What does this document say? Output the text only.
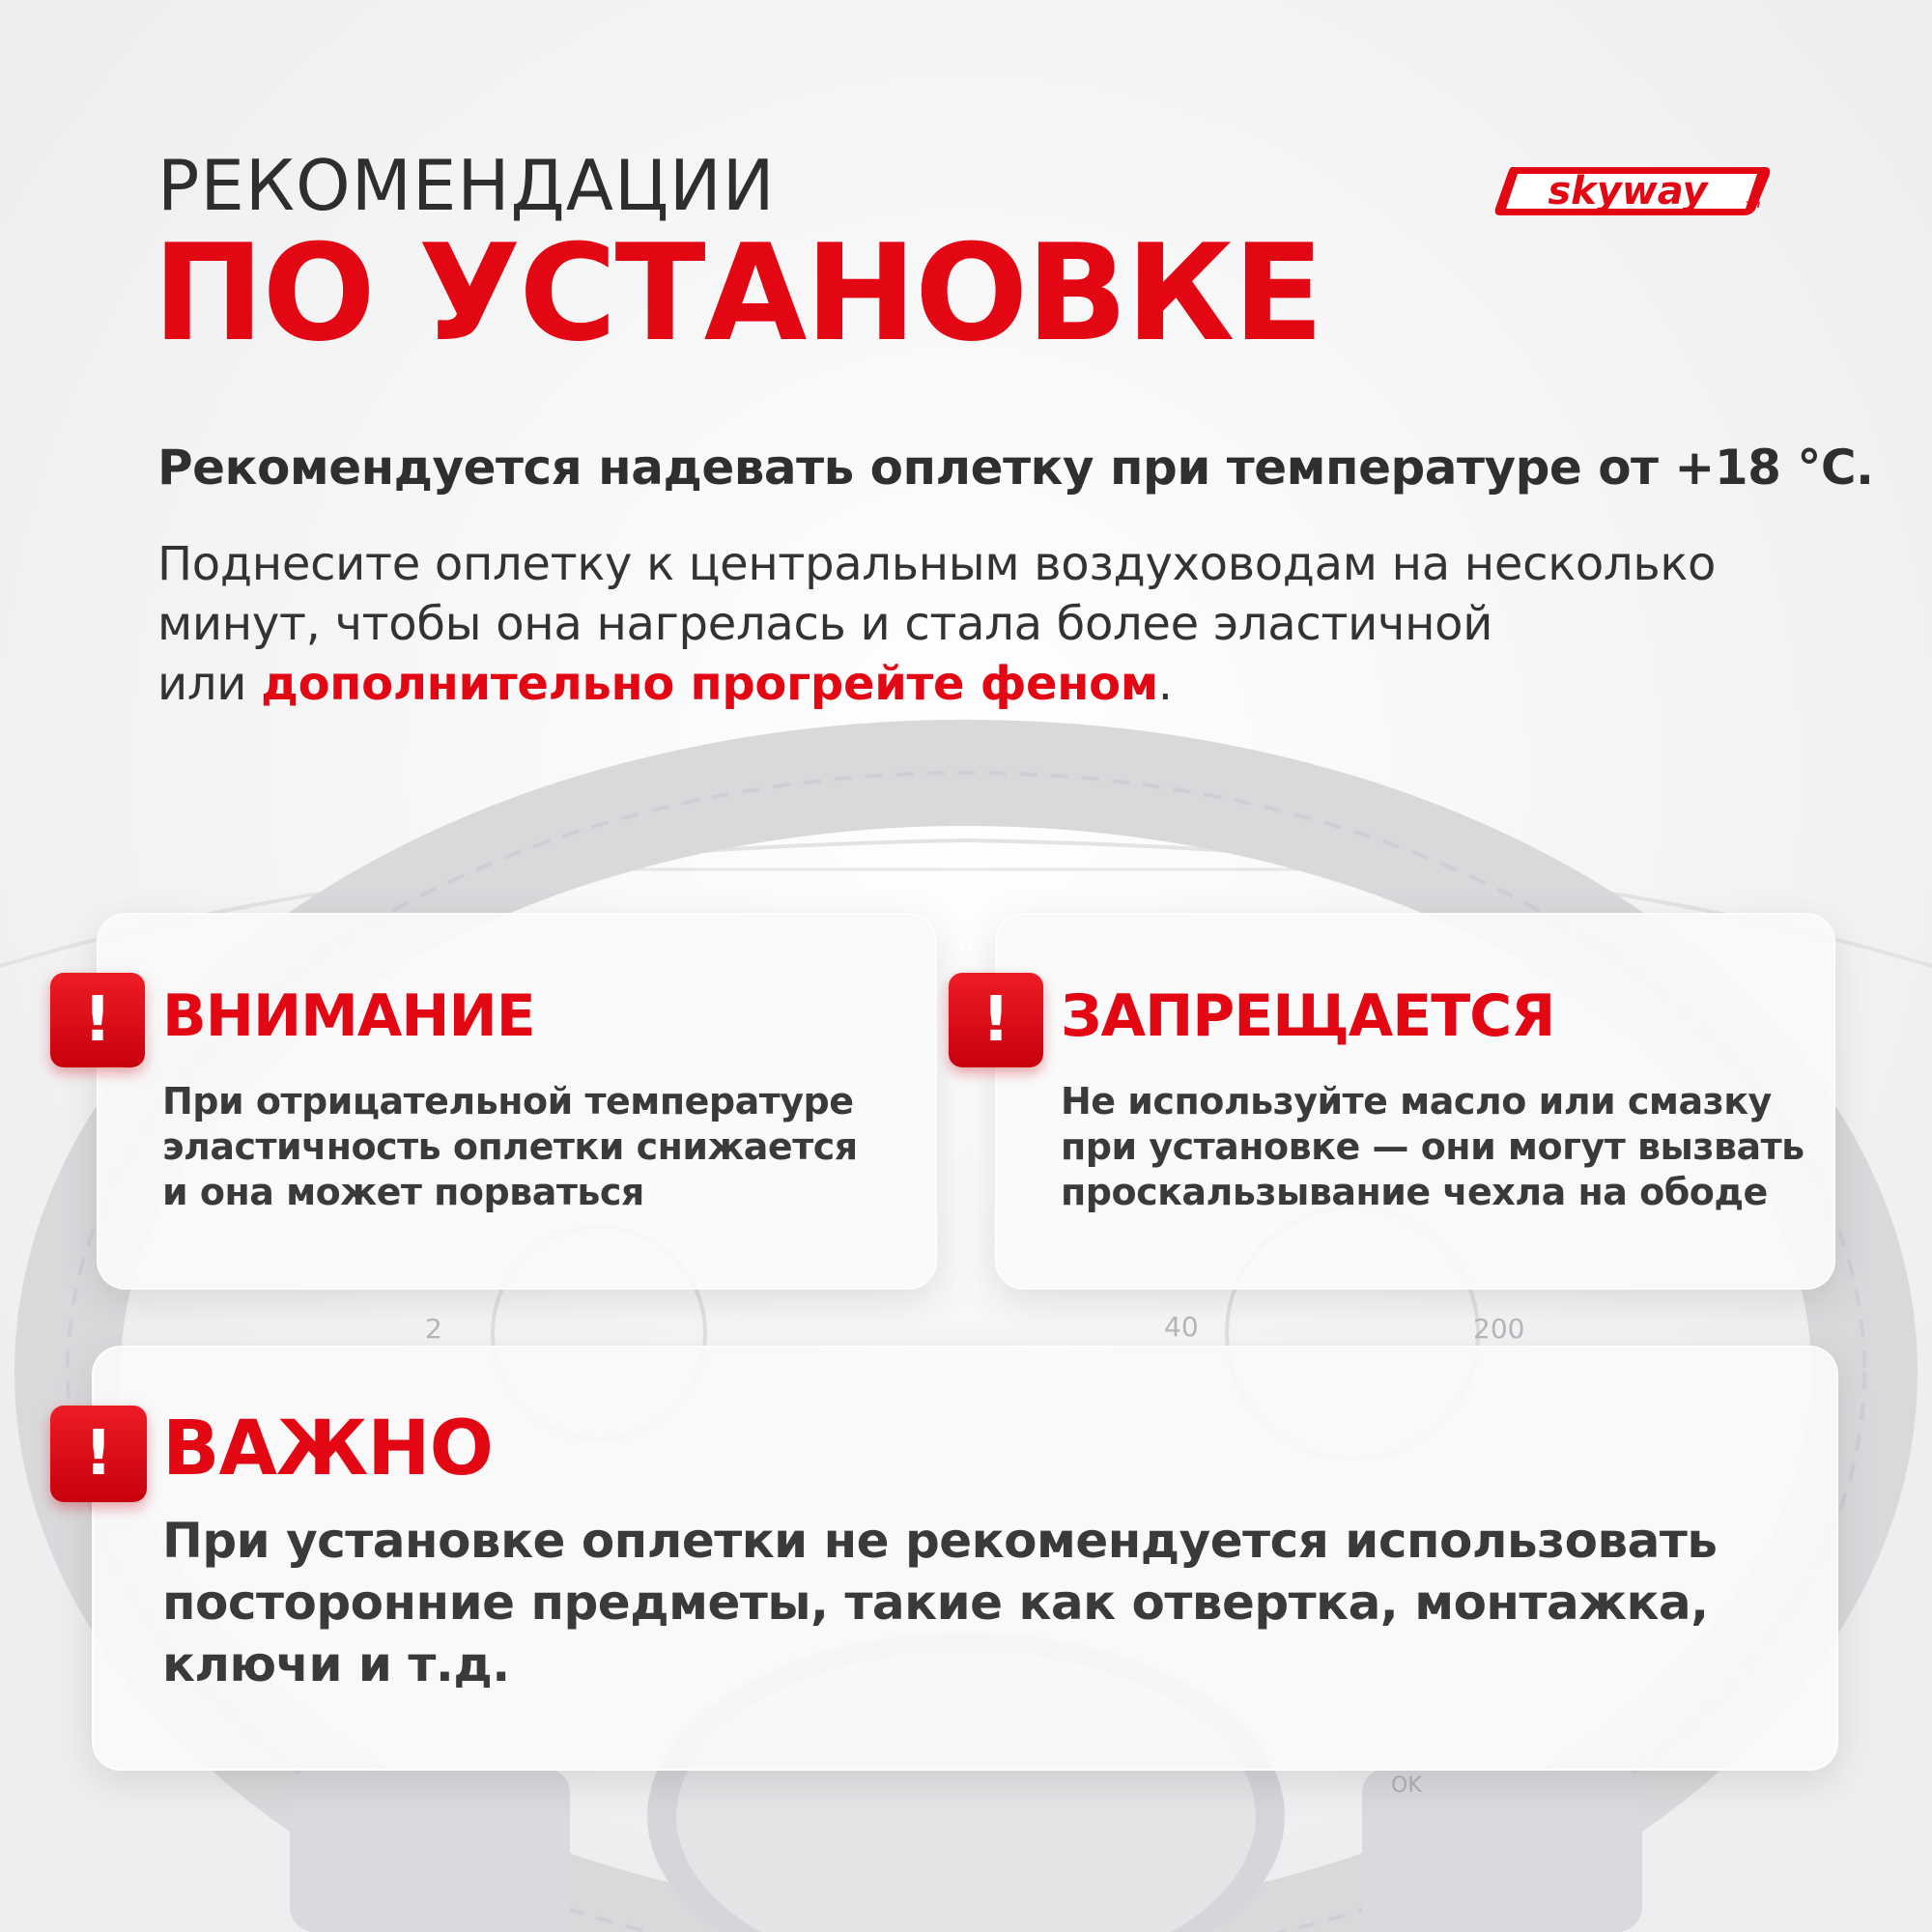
2	40	200
OK
skyway	TM
РЕКОМЕНДАЦИИ
ПО УСТАНОВКЕ

Рекомендуется надевать оплетку при температуре от +18 °C.

Поднесите оплетку к центральным воздуховодам на несколько
минут, чтобы она нагрелась и стала более эластичной
или дополнительно прогрейте феном.

! ВНИМАНИЕ

При отрицательной температуре
эластичность оплетки снижается
и она может порваться

! ЗАПРЕЩАЕТСЯ

Не используйте масло или смазку
при установке — они могут вызвать
проскальзывание чехла на ободе

! ВАЖНО

При установке оплетки не рекомендуется использовать
посторонние предметы, такие как отвертка, монтажка,
ключи и т.д.
